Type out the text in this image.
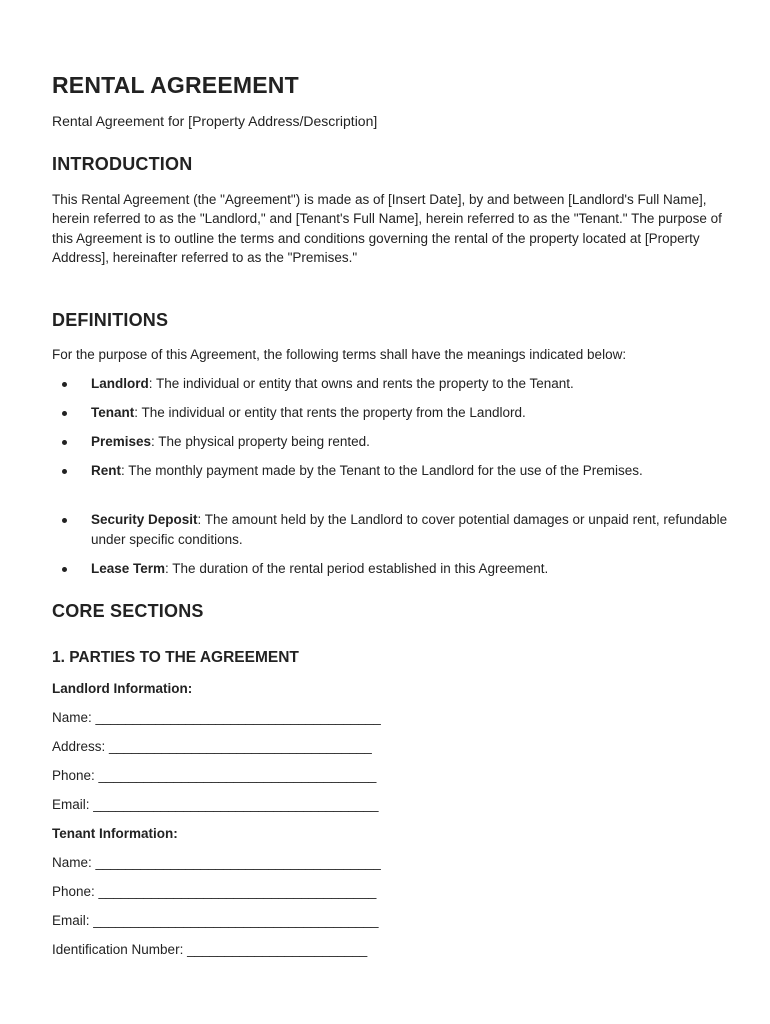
RENTAL AGREEMENT
Rental Agreement for [Property Address/Description]
INTRODUCTION
This Rental Agreement (the "Agreement") is made as of [Insert Date], by and between [Landlord's Full Name], herein referred to as the "Landlord," and [Tenant's Full Name], herein referred to as the "Tenant." The purpose of this Agreement is to outline the terms and conditions governing the rental of the property located at [Property Address], hereinafter referred to as the "Premises."
DEFINITIONS
For the purpose of this Agreement, the following terms shall have the meanings indicated below:
Landlord: The individual or entity that owns and rents the property to the Tenant.
Tenant: The individual or entity that rents the property from the Landlord.
Premises: The physical property being rented.
Rent: The monthly payment made by the Tenant to the Landlord for the use of the Premises.
Security Deposit: The amount held by the Landlord to cover potential damages or unpaid rent, refundable under specific conditions.
Lease Term: The duration of the rental period established in this Agreement.
CORE SECTIONS
1. PARTIES TO THE AGREEMENT
Landlord Information:
Name: ______________________________________
Address: ___________________________________
Phone: _____________________________________
Email: ______________________________________
Tenant Information:
Name: ______________________________________
Phone: _____________________________________
Email: ______________________________________
Identification Number: ________________________
